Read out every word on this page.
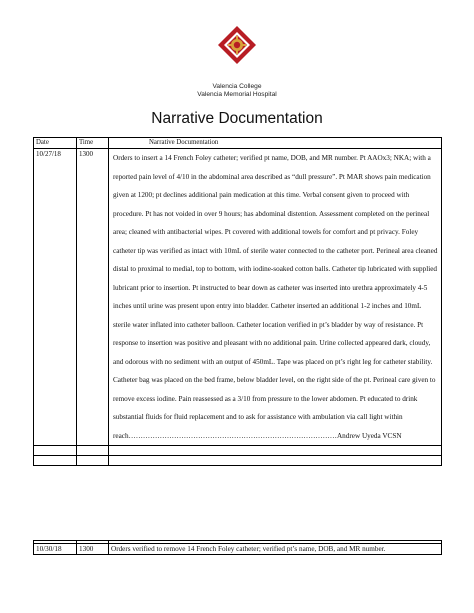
Valencia College
Valencia Memorial Hospital
Narrative Documentation
Date	Time	Narrative Documentation
10/27/18	1300	Orders to insert a 14 French Foley catheter; verified pt name, DOB, and MR number. Pt AAOx3; NKA; with a reported pain level of 4/10 in the abdominal area described as “dull pressure”. Pt MAR shows pain medication given at 1200; pt declines additional pain medication at this time. Verbal consent given to proceed with procedure. Pt has not voided in over 9 hours; has abdominal distention. Assessment completed on the perineal area; cleaned with antibacterial wipes. Pt covered with additional towels for comfort and pt privacy. Foley catheter tip was verified as intact with 10mL of sterile water connected to the catheter port. Perineal area cleaned distal to proximal to medial, top to bottom, with iodine-soaked cotton balls. Catheter tip lubricated with supplied lubricant prior to insertion. Pt instructed to bear down as catheter was inserted into urethra approximately 4-5 inches until urine was present upon entry into bladder. Catheter inserted an additional 1-2 inches and 10mL sterile water inflated into catheter balloon. Catheter location verified in pt’s bladder by way of resistance. Pt response to insertion was positive and pleasant with no additional pain. Urine collected appeared dark, cloudy, and odorous with no sediment with an output of 450mL. Tape was placed on pt’s right leg for catheter stability. Catheter bag was placed on the bed frame, below bladder level, on the right side of the pt. Perineal care given to remove excess iodine. Pain reassessed as a 3/10 from pressure to the lower abdomen. Pt educated to drink substantial fluids for fluid replacement and to ask for assistance with ambulation via call light within reach……………………………………………………………………………Andrew Uyeda VCSN

10/30/18	1300	Orders verified to remove 14 French Foley catheter; verified pt’s name, DOB, and MR number.
